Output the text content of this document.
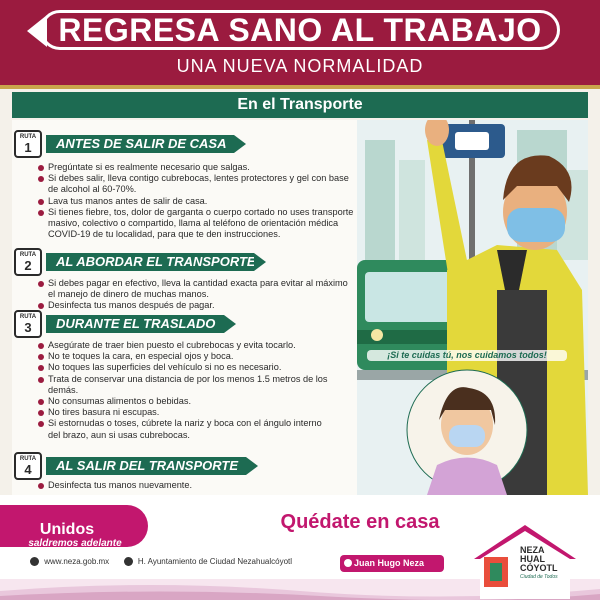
REGRESA SANO AL TRABAJO
UNA NUEVA NORMALIDAD
En el Transporte
RUTA
1	ANTES DE SALIR DE CASA
Pregúntate si es realmente necesario que salgas.
Si debes salir, lleva contigo cubrebocas, lentes protectores y gel con base de alcohol al 60-70%.
Lava tus manos antes de salir de casa.
Si tienes fiebre, tos, dolor de garganta o cuerpo cortado no uses transporte masivo, colectivo o compartido, llama al teléfono de orientación médica COVID-19 de tu localidad, para que te den instrucciones.
RUTA
2	AL ABORDAR EL TRANSPORTE
Si debes pagar en efectivo, lleva la cantidad exacta para evitar al máximo el manejo de dinero de muchas manos.
Desinfecta tus manos después de pagar.
RUTA
3	DURANTE EL TRASLADO
Asegúrate de traer bien puesto el cubrebocas y evita tocarlo.
No te toques la cara, en especial ojos y boca.
No toques las superficies del vehículo si no es necesario.
Trata de conservar una distancia de por los menos 1.5 metros de los demás.
No consumas alimentos o bebidas.
No tires basura ni escupas.
Si estornudas o toses, cúbrete la nariz y boca con el ángulo interno del brazo, aun si usas cubrebocas.
RUTA
4	AL SALIR DEL TRANSPORTE
Desinfecta tus manos nuevamente.
¡Si te cuidas tú, nos cuidamos todos!
Unidos
saldremos adelante
Quédate en casa
www.neza.gob.mx	H. Ayuntamiento de Ciudad Nezahualcóyotl	Juan Hugo Neza
NEZA
HUAL
CÓYOTL
Ciudad de Todos
